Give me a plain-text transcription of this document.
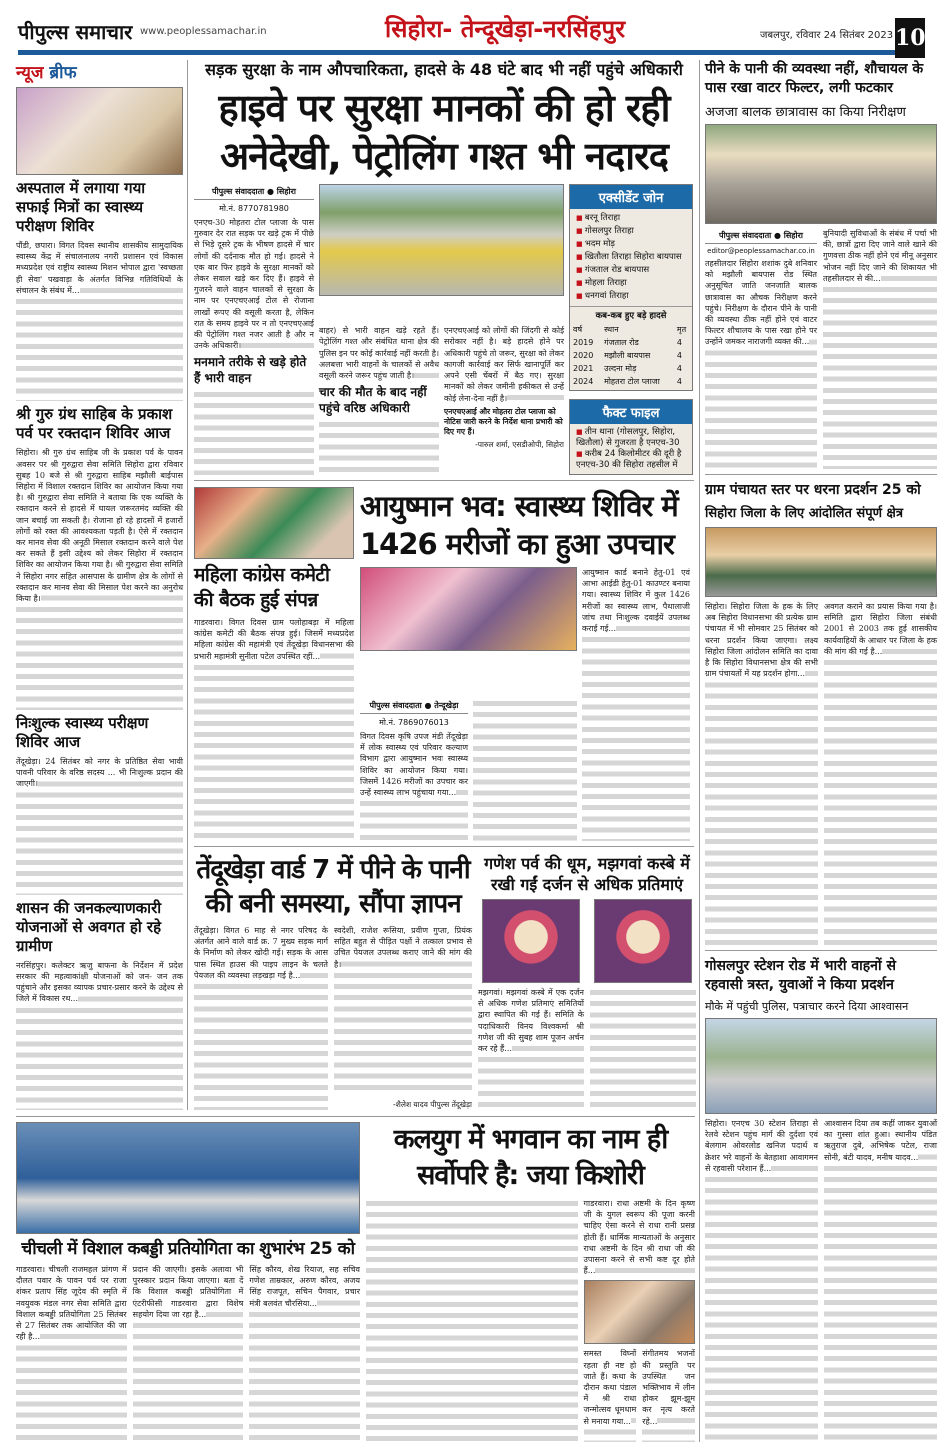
पीपुल्स समाचार www.peoplessamachar.in	सिहोरा- तेन्दूखेड़ा-नरसिंहपुर	जबलपुर, रविवार 24 सितंबर 2023 10
न्यूज ब्रीफ
अस्पताल में लगाया गया सफाई मित्रों का स्वास्थ्य परीक्षण शिविर
पौंडी, छपारा। विगत दिवस स्थानीय शासकीय सामुदायिक स्वास्थ्य केंद्र में संचालनालय नगरी प्रशासन एवं विकास मध्यप्रदेश एवं राष्ट्रीय स्वास्थ्य मिशन भोपाल द्वारा 'स्वच्छता ही सेवा' पखवाड़ा के अंतर्गत विभिन्न गतिविधियों के संचालन के संबंध में...
श्री गुरु ग्रंथ साहिब के प्रकाश पर्व पर रक्तदान शिविर आज
सिहोरा। श्री गुरु ग्रंथ साहिब जी के प्रकाश पर्व के पावन अवसर पर श्री गुरुद्वारा सेवा समिति सिहोरा द्वारा रविवार सुबह 10 बजे से श्री गुरुद्वारा साहिब मझौली बाईपास सिहोरा में विशाल रक्तदान शिविर का आयोजन किया गया है। श्री गुरुद्वारा सेवा समिति ने बताया कि एक व्यक्ति के रक्तदान करने से हादसे में घायल जरूरतमंद व्यक्ति की जान बचाई जा सकती है। रोजाना हो रहे हादसों में हजारों लोगों को रक्त की आवश्यकता पड़ती है। ऐसे में रक्तदान कर मानव सेवा की अनूठी मिसाल रक्तदान करने वाले पेश कर सकते हैं इसी उद्देश्य को लेकर सिहोरा में रक्तदान शिविर का आयोजन किया गया है। श्री गुरुद्वारा सेवा समिति ने सिहोरा नगर सहित आसपास के ग्रामीण क्षेत्र के लोगों से रक्तदान कर मानव सेवा की मिसाल पेश करने का अनुरोध किया है।
निःशुल्क स्वास्थ्य परीक्षण शिविर आज
तेंदूखेड़ा। 24 सितंबर को नगर के प्रतिष्ठित सेवा भावी पावनी परिवार के वरिष्ठ सदस्य ... भी निःशुल्क प्रदान की जाएगी।
शासन की जनकल्याणकारी योजनाओं से अवगत हो रहे ग्रामीण
नरसिंहपुर। कलेक्टर ऋजु बाफना के निर्देशन में प्रदेश सरकार की महत्वाकांक्षी योजनाओं को जन- जन तक पहुंचाने और इसका व्यापक प्रचार-प्रसार करने के उद्देश्य से जिले में विकास रथ...
सड़क सुरक्षा के नाम औपचारिकता, हादसे के 48 घंटे बाद भी नहीं पहुंचे अधिकारी
हाइवे पर सुरक्षा मानकों की हो रही अनेदेखी, पेट्रोलिंग गश्त भी नदारद
पीपुल्स संवाददाता ● सिहोरा
मो.नं. 8770781980
एनएच-30 मोहतरा टोल प्लाजा के पास गुरुवार देर रात सड़क पर खड़े ट्रक में पीछे से भिड़े दूसरे ट्रक के भीषण हादसे में चार लोगों की दर्दनाक मौत हो गई। हादसे ने एक बार फिर हाइवे के सुरक्षा मानकों को लेकर सवाल खड़े कर दिए हैं। हाइवे से गुजरने वाले वाहन चालकों से सुरक्षा के नाम पर एनएचएआई टोल से रोजाना लाखों रूपए की वसूली करता है, लेकिन रात के समय हाइवे पर न तो एनएचएआई की पेट्रोलिंग गश्त नजर आती है और न उनके अधिकारी।
मनमाने तरीके से खड़े होते हैं भारी वाहन
बाहर) से भारी वाहन खड़े रहते हैं। पेट्रोलिंग गश्त और संबंधित थाना क्षेत्र की पुलिस इन पर कोई कार्रवाई नहीं करती है। अलबत्ता भारी वाहनों के चालकों से अवैध वसूली करने जरूर पहुंच जाती है।
चार की मौत के बाद नहीं पहुंचे वरिष्ठ अधिकारी
एनएचएआई को लोगों की जिंदगी से कोई सरोकार नहीं है। बड़े हादसे होने पर अधिकारी पहुंचे तो जरूर, सुरक्षा को लेकर कागजी कार्रवाई कर सिर्फ खानापूर्ति कर अपने एसी चेंबरों में बैठ गए। सुरक्षा मानकों को लेकर जमीनी हकीकत से उन्हें कोई लेना-देना नहीं है।
एनएचएआई और मोहतरा टोल प्लाजा को नोटिस जारी करने के निर्देश थाना प्रभारी को दिए गए हैं।
-पारुल शर्मा, एसडीओपी, सिहोरा
एक्सीडेंट जोन
■ बरनू तिराहा
■ गोसलपुर तिराहा
■ भदम मोड़
■ खितौला तिराहा सिहोरा बायपास
■ गंजताल रोड बायपास
■ मोहला तिराहा
■ धनगवां तिराहा
कब-कब हुए बड़े हादसे
वर्ष	स्थान	मृत
2019	गंजताल रोड	4
2020	मझौली बायपास	4
2021	उल्दना मोड़	4
2024	मोहतरा टोल प्लाजा	4
फैक्ट फाइल
■ तीन थाना (गोसलपुर, सिहोरा, खितौला) से गुजरता है एनएच-30
■ करीब 24 किलोमीटर की दूरी है एनएच-30 की सिहोरा तहसील में
महिला कांग्रेस कमेटी की बैठक हुई संपन्न
गाडरवारा। विगत दिवस ग्राम पलोहाबड़ा में महिला कांग्रेस कमेटी की बैठक संपन्न हुई। जिसमें मध्यप्रदेश महिला कांग्रेस की महामंत्री एवं तेंदूखेड़ा विधानसभा की प्रभारी महामंत्री सुनीता पटेल उपस्थित रहीं...
आयुष्मान भव: स्वास्थ्य शिविर में 1426 मरीजों का हुआ उपचार
पीपुल्स संवाददाता ● तेन्दूखेड़ा
मो.नं. 7869076013
विगत दिवस कृषि उपज मंडी तेंदूखेड़ा में लोक स्वास्थ्य एवं परिवार कल्याण विभाग द्वारा आयुष्मान भवः स्वास्थ्य शिविर का आयोजन किया गया। जिसमें 1426 मरीजों का उपचार कर उन्हें स्वास्थ्य लाभ पहुंचाया गया...
आयुष्मान कार्ड बनाने हेतु-01 एवं आभा आईडी हेतु-01 काउण्टर बनाया गया। स्वास्थ्य शिविर में कुल 1426 मरीजों का स्वास्थ्य लाभ, पैथालाजी जांच तथा निःशुल्क दवाईयें उपलब्ध कराई गई...
तेंदूखेड़ा वार्ड 7 में पीने के पानी की बनी समस्या, सौंपा ज्ञापन
तेंदूखेड़ा। विगत 6 माह से नगर परिषद के अंतर्गत आने वाले वार्ड क्र. 7 मुख्य सड़क मार्ग के निर्माण को लेकर खोदी गई। सड़क के आस पास स्थित हाउस की पाइप लाइन के चलते पेयजल की व्यवस्था लड़खड़ा गई है...
स्वदेशी, राजेश रूसिया, प्रवीण गुप्ता, प्रियंक सहित बहुत से पीड़ित पक्षों ने तत्काल प्रभाव से उचित पेयजल उपलब्ध कराए जाने की मांग की है।
-शैलेश यादव पीपुल्स तेंदूखेड़ा
गणेश पर्व की धूम, मझगवां कस्बे में रखी गईं दर्जन से अधिक प्रतिमाएं
मझगवां। मझगवां कस्बे में एक दर्जन से अधिक गणेश प्रतिमाएं समितियों द्वारा स्थापित की गई हैं। समिति के पदाधिकारी विनय विश्वकर्मा श्री गणेश जी की सुबह शाम पूजन अर्चन कर रहे हैं...
चीचली में विशाल कबड्डी प्रतियोगिता का शुभारंभ 25 को
गाडरवारा। चीचली राजमहल प्रांगण में दौलत पवार के पावन पर्व पर राजा शंकर प्रताप सिंह जूदेव की स्मृति में नवयुवक मंडल नगर सेवा समिति द्वारा विशाल कबड्डी प्रतियोगिता 25 सितंबर से 27 सितंबर तक आयोजित की जा रही है...
प्रदान की जाएगी। इसके अलावा भी पुरस्कार प्रदान किया जाएगा। बता दें कि विशाल कबड्डी प्रतियोगिता में एंटरीफीसी गाडरवारा द्वारा विशेष सहयोग दिया जा रहा है...
सिंह कौरव, शेख रियाज, सह सचिव गणेश ताम्रकार, अरुण कौरव, अजय सिंह राजपूत, सचिन पैगवार, प्रचार मंत्री बलवंत चौरसिया...
कलयुग में भगवान का नाम ही सर्वोपरि है: जया किशोरी
गाडरवारा। राधा अष्टमी के दिन कृष्ण जी के युगल स्वरूप की पूजा करनी चाहिए ऐसा करने से राधा रानी प्रसन्न होती हैं। धार्मिक मान्यताओं के अनुसार राधा अष्टमी के दिन श्री राधा जी की उपासना करने से सभी कष्ट दूर होते हैं...
समस्त विघ्नों रहता ही नष्ट हो जाते हैं। कथा के दौरान कथा पंडाल में श्री राधा जन्मोत्सव धूमधाम से मनाया गया...
संगीतमय भजनों की प्रस्तुति पर उपस्थित जन भक्तिभाव में लीन होकर झूम-झूम कर नृत्य करते रहे...
पीने के पानी की व्यवस्था नहीं, शौचायल के पास रखा वाटर फिल्टर, लगी फटकार
अजजा बालक छात्रावास का किया निरीक्षण
पीपुल्स संवाददाता ● सिहोरा
editor@peoplessamachar.co.in
तहसीलदार सिहोरा शशांक दुबे शनिवार को मझौली बायपास रोड स्थित अनुसूचित जाति जनजाति बालक छात्रावास का औचक निरीक्षण करने पहुंचे। निरीक्षण के दौरान पीने के पानी की व्यवस्था ठीक नहीं होने एवं वाटर फिल्टर शौचालय के पास रखा होने पर उन्होंने जमकर नाराजगी व्यक्त की...
बुनियादी सुविधाओं के संबंध में पर्चा भी की, छात्रों द्वारा दिए जाने वाले खाने की गुणवत्ता ठीक नहीं होने एवं मीनू अनुसार भोजन नहीं दिए जाने की शिकायत भी तहसीलदार से की...
ग्राम पंचायत स्तर पर धरना प्रदर्शन 25 को
सिहोरा जिला के लिए आंदोलित संपूर्ण क्षेत्र
सिहोरा। सिहोरा जिला के हक के लिए अब सिहोरा विधानसभा की प्रत्येक ग्राम पंचायत में भी सोमवार 25 सितंबर को धरना प्रदर्शन किया जाएगा। लक्ष्य सिहोरा जिला आंदोलन समिति का दावा है कि सिहोरा विधानसभा क्षेत्र की सभी ग्राम पंचायतों में यह प्रदर्शन होगा...
अवगत कराने का प्रयास किया गया है। समिति द्वारा सिहोरा जिला संबंधी 2001 से 2003 तक हुई शासकीय कार्यवाहियों के आधार पर जिला के हक की मांग की गई है...
गोसलपुर स्टेशन रोड में भारी वाहनों से रहवासी त्रस्त, युवाओं ने किया प्रदर्शन
मौके में पहुंची पुलिस, पत्राचार करने दिया आश्वासन
सिहोरा। एनएच 30 स्टेशन तिराहा से रेलवे स्टेशन पहुंच मार्ग की दुर्दशा एवं बेलगाम ओवरलोड खनिज पदार्थ व क्रेशर भरे वाहनों के बेतहाशा आवागमन से रहवासी परेशान हैं...
आश्वासन दिया तब कहीं जाकर युवाओं का गुस्सा शांत हुआ। स्थानीय पंडित ऋतुराज दुबे, अभिषेक पटेल, राजा सोनी, बंटी यादव, मनीष यादव...
